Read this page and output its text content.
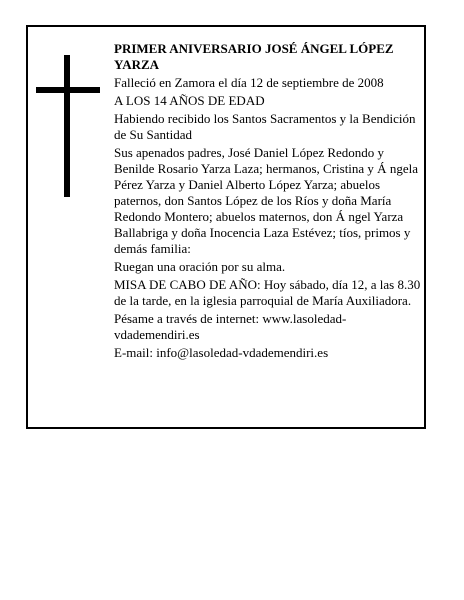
PRIMER ANIVERSARIO JOSÉ ÁNGEL LÓPEZ YARZA

Falleció en Zamora el día 12 de septiembre de 2008

A LOS 14 AÑOS DE EDAD

Habiendo recibido los Santos Sacramentos y la Bendición de Su Santidad

Sus apenados padres, José Daniel López Redondo y Benilde Rosario Yarza Laza; hermanos, Cristina y Á ngela Pérez Yarza y Daniel Alberto López Yarza; abuelos paternos, don Santos López de los Ríos y doña María Redondo Montero; abuelos maternos, don Á ngel Yarza Ballabriga y doña Inocencia Laza Estévez; tíos, primos y demás familia:

Ruegan una oración por su alma.

MISA DE CABO DE AÑO: Hoy sábado, día 12, a las 8.30 de la tarde, en la iglesia parroquial de María Auxiliadora.

Pésame a través de internet: www.lasoledad-vdademendiri.es

E-mail: info@lasoledad-vdademendiri.es
